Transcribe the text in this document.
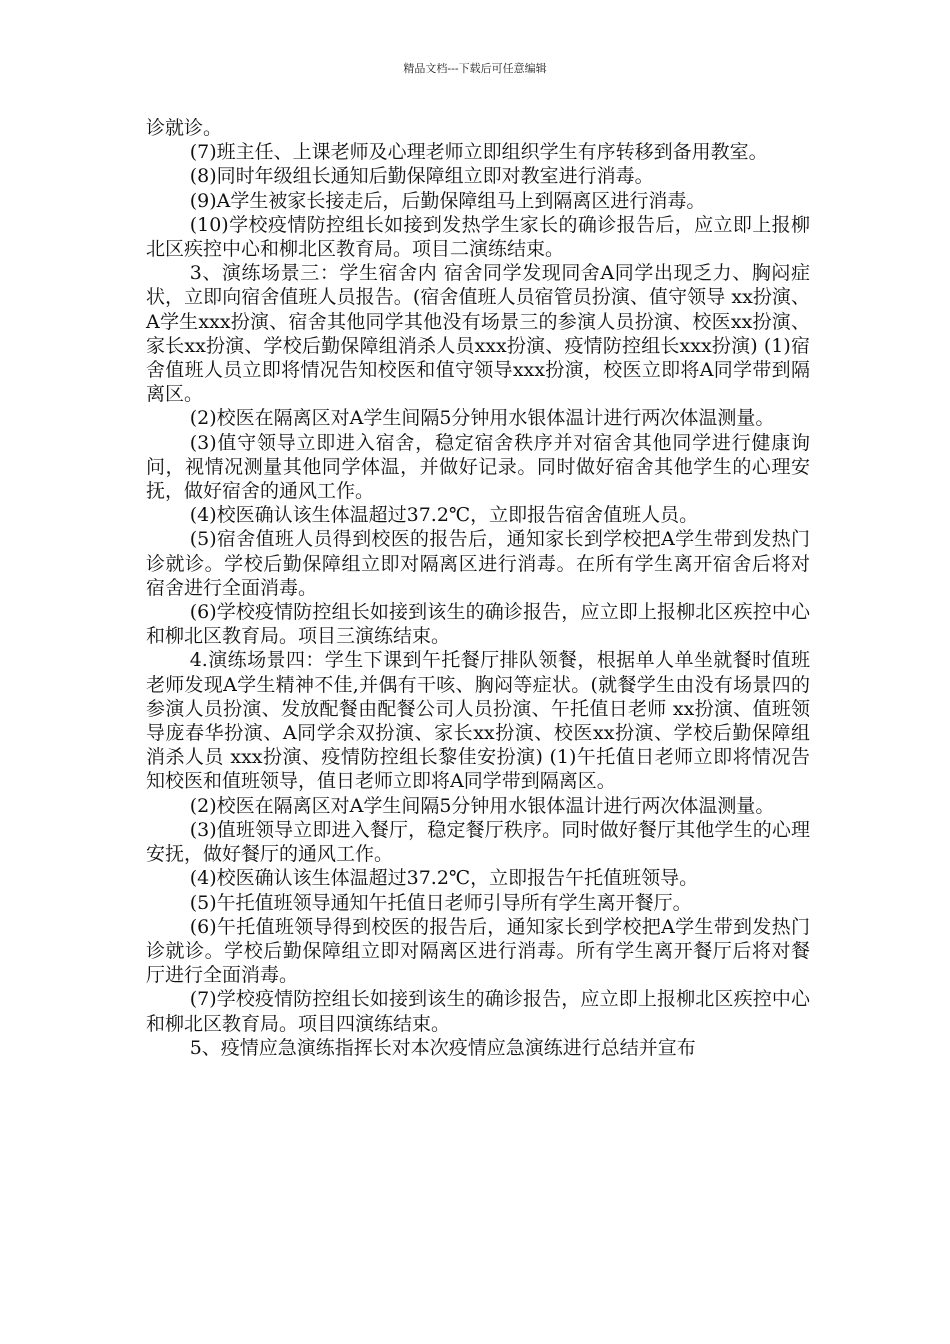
精品文档---下载后可任意编辑

诊就诊。

(7)班主任、上课老师及心理老师立即组织学生有序转移到备用教室。

(8)同时年级组长通知后勤保障组立即对教室进行消毒。

(9)A学生被家长接走后，后勤保障组马上到隔离区进行消毒。

(10)学校疫情防控组长如接到发热学生家长的确诊报告后，应立即上报柳北区疾控中心和柳北区教育局。项目二演练结束。

3、演练场景三：学生宿舍内 宿舍同学发现同舍A同学出现乏力、胸闷症状，立即向宿舍值班人员报告。(宿舍值班人员宿管员扮演、值守领导 xx扮演、A学生xxx扮演、宿舍其他同学其他没有场景三的参演人员扮演、校医xx扮演、家长xx扮演、学校后勤保障组消杀人员xxx扮演、疫情防控组长xxx扮演) (1)宿舍值班人员立即将情况告知校医和值守领导xxx扮演，校医立即将A同学带到隔离区。

(2)校医在隔离区对A学生间隔5分钟用水银体温计进行两次体温测量。

(3)值守领导立即进入宿舍，稳定宿舍秩序并对宿舍其他同学进行健康询问，视情况测量其他同学体温，并做好记录。同时做好宿舍其他学生的心理安抚，做好宿舍的通风工作。

(4)校医确认该生体温超过37.2℃，立即报告宿舍值班人员。

(5)宿舍值班人员得到校医的报告后，通知家长到学校把A学生带到发热门诊就诊。学校后勤保障组立即对隔离区进行消毒。在所有学生离开宿舍后将对宿舍进行全面消毒。

(6)学校疫情防控组长如接到该生的确诊报告，应立即上报柳北区疾控中心和柳北区教育局。项目三演练结束。

4.演练场景四：学生下课到午托餐厅排队领餐，根据单人单坐就餐时值班老师发现A学生精神不佳,并偶有干咳、胸闷等症状。(就餐学生由没有场景四的参演人员扮演、发放配餐由配餐公司人员扮演、午托值日老师 xx扮演、值班领导庞春华扮演、A同学余双扮演、家长xx扮演、校医xx扮演、学校后勤保障组消杀人员 xxx扮演、疫情防控组长黎佳安扮演) (1)午托值日老师立即将情况告知校医和值班领导，值日老师立即将A同学带到隔离区。

(2)校医在隔离区对A学生间隔5分钟用水银体温计进行两次体温测量。

(3)值班领导立即进入餐厅，稳定餐厅秩序。同时做好餐厅其他学生的心理安抚，做好餐厅的通风工作。

(4)校医确认该生体温超过37.2℃，立即报告午托值班领导。

(5)午托值班领导通知午托值日老师引导所有学生离开餐厅。

(6)午托值班领导得到校医的报告后，通知家长到学校把A学生带到发热门诊就诊。学校后勤保障组立即对隔离区进行消毒。所有学生离开餐厅后将对餐厅进行全面消毒。

(7)学校疫情防控组长如接到该生的确诊报告，应立即上报柳北区疾控中心和柳北区教育局。项目四演练结束。

5、疫情应急演练指挥长对本次疫情应急演练进行总结并宣布
